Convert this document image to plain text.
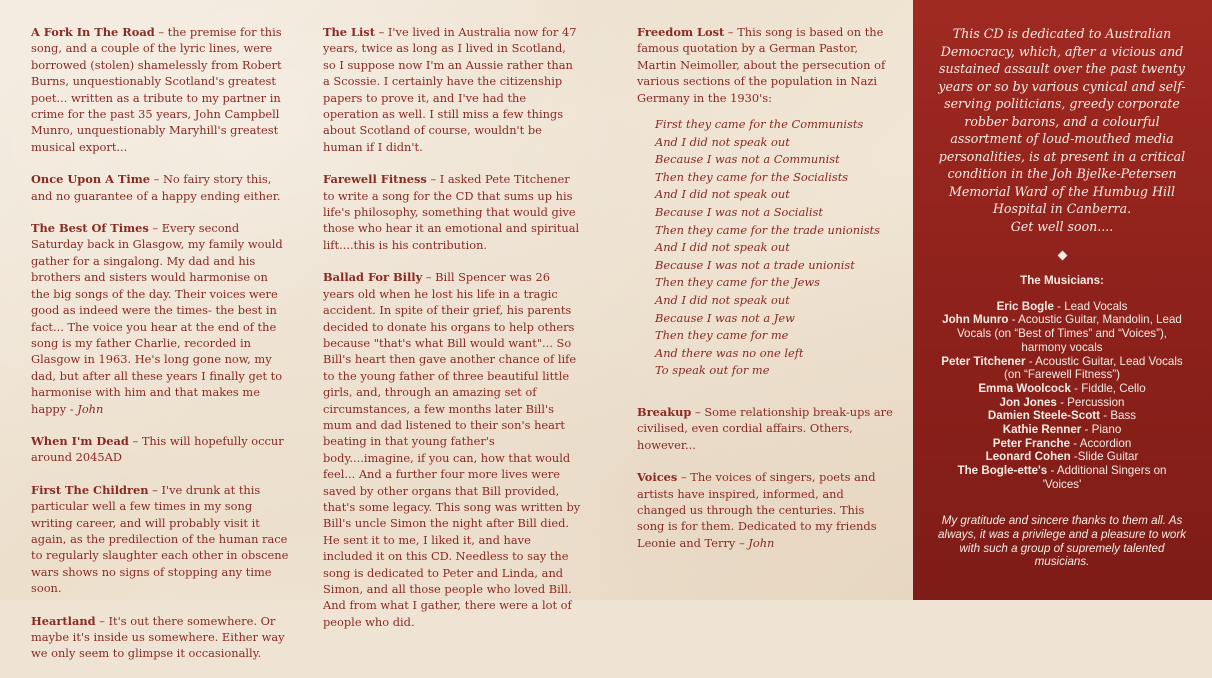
A Fork In The Road – the premise for this song, and a couple of the lyric lines, were borrowed (stolen) shamelessly from Robert Burns, unquestionably Scotland's greatest poet... written as a tribute to my partner in crime for the past 35 years, John Campbell Munro, unquestionably Maryhill's greatest musical export...

Once Upon A Time – No fairy story this, and no guarantee of a happy ending either.

The Best Of Times – Every second Saturday back in Glasgow, my family would gather for a singalong. My dad and his brothers and sisters would harmonise on the big songs of the day. Their voices were good as indeed were the times- the best in fact... The voice you hear at the end of the song is my father Charlie, recorded in Glasgow in 1963. He's long gone now, my dad, but after all these years I finally get to harmonise with him and that makes me happy - John

When I'm Dead – This will hopefully occur around 2045AD

First The Children – I've drunk at this particular well a few times in my song writing career, and will probably visit it again, as the predilection of the human race to regularly slaughter each other in obscene wars shows no signs of stopping any time soon.

Heartland – It's out there somewhere. Or maybe it's inside us somewhere. Either way we only seem to glimpse it occasionally.

The List – I've lived in Australia now for 47 years, twice as long as I lived in Scotland, so I suppose now I'm an Aussie rather than a Scossie. I certainly have the citizenship papers to prove it, and I've had the operation as well. I still miss a few things about Scotland of course, wouldn't be human if I didn't.

Farewell Fitness – I asked Pete Titchener to write a song for the CD that sums up his life's philosophy, something that would give those who hear it an emotional and spiritual lift....this is his contribution.

Ballad For Billy – Bill Spencer was 26 years old when he lost his life in a tragic accident. In spite of their grief, his parents decided to donate his organs to help others because "that's what Bill would want"... So Bill's heart then gave another chance of life to the young father of three beautiful little girls, and, through an amazing set of circumstances, a few months later Bill's mum and dad listened to their son's heart beating in that young father's body....imagine, if you can, how that would feel... And a further four more lives were saved by other organs that Bill provided, that's some legacy. This song was written by Bill's uncle Simon the night after Bill died. He sent it to me, I liked it, and have included it on this CD. Needless to say the song is dedicated to Peter and Linda, and Simon, and all those people who loved Bill. And from what I gather, there were a lot of people who did.

Freedom Lost – This song is based on the famous quotation by a German Pastor, Martin Neimoller, about the persecution of various sections of the population in Nazi Germany in the 1930's:

First they came for the Communists
And I did not speak out
Because I was not a Communist
Then they came for the Socialists
And I did not speak out
Because I was not a Socialist
Then they came for the trade unionists
And I did not speak out
Because I was not a trade unionist
Then they came for the Jews
And I did not speak out
Because I was not a Jew
Then they came for me
And there was no one left
To speak out for me

Breakup – Some relationship break-ups are civilised, even cordial affairs. Others, however...

Voices – The voices of singers, poets and artists have inspired, informed, and changed us through the centuries. This song is for them. Dedicated to my friends Leonie and Terry – John

This CD is dedicated to Australian Democracy, which, after a vicious and sustained assault over the past twenty years or so by various cynical and self-serving politicians, greedy corporate robber barons, and a colourful assortment of loud-mouthed media personalities, is at present in a critical condition in the Joh Bjelke-Petersen Memorial Ward of the Humbug Hill Hospital in Canberra.
Get well soon....
The Musicians:
Eric Bogle - Lead Vocals
John Munro - Acoustic Guitar, Mandolin, Lead Vocals (on “Best of Times” and “Voices”), harmony vocals
Peter Titchener - Acoustic Guitar, Lead Vocals (on “Farewell Fitness”)
Emma Woolcock - Fiddle, Cello
Jon Jones - Percussion
Damien Steele-Scott - Bass
Kathie Renner - Piano
Peter Franche - Accordion
Leonard Cohen -Slide Guitar
The Bogle-ette's - Additional Singers on 'Voices'
My gratitude and sincere thanks to them all. As always, it was a privilege and a pleasure to work with such a group of supremely talented musicians.
